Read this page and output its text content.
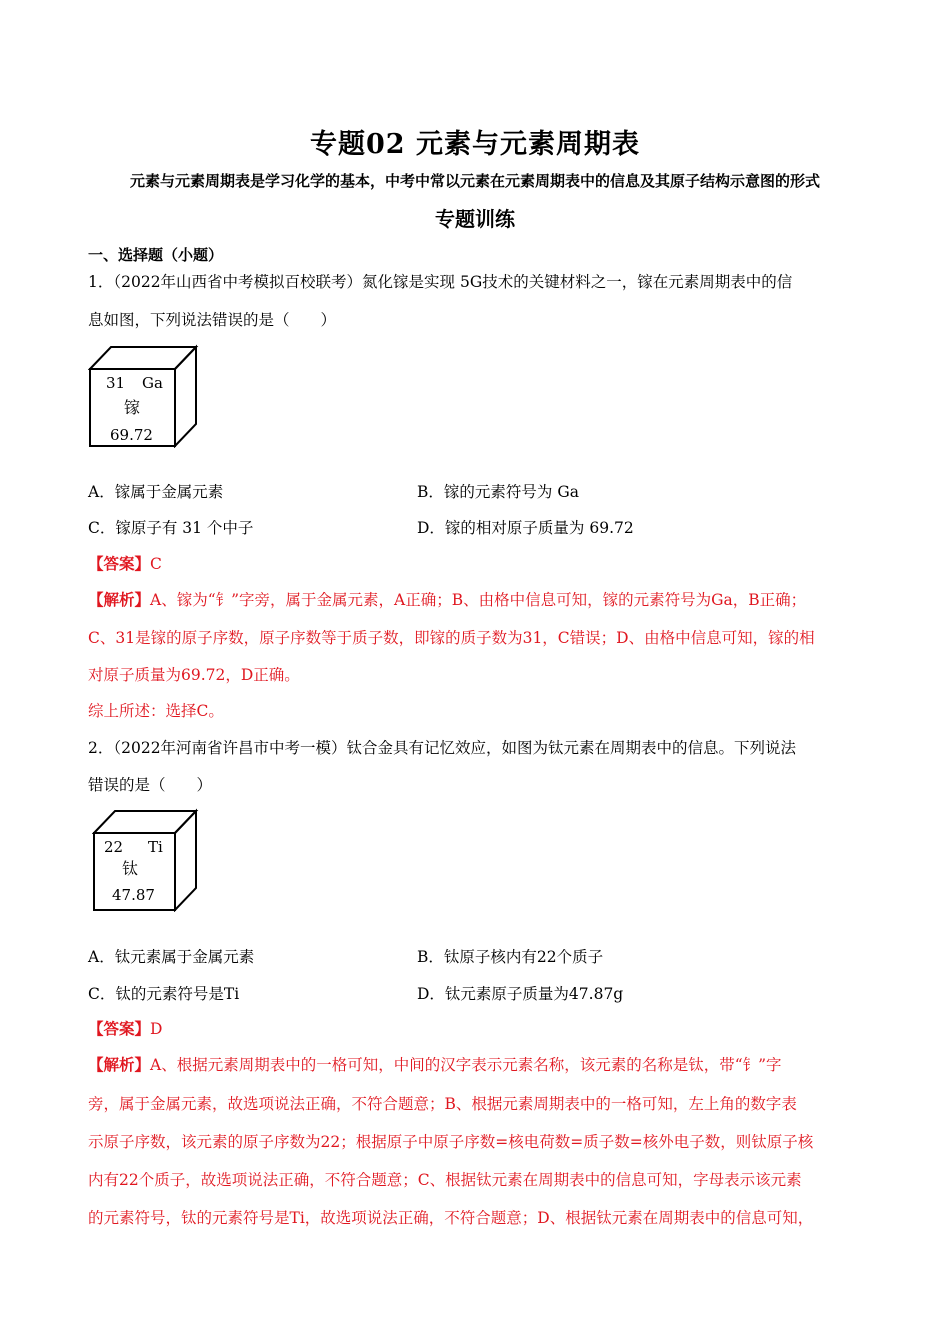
专题02 元素与元素周期表
元素与元素周期表是学习化学的基本，中考中常以元素在元素周期表中的信息及其原子结构示意图的形式
专题训练
一、选择题（小题）
1．（2022年山西省中考模拟百校联考）氮化镓是实现 5G技术的关键材料之一，镓在元素周期表中的信
息如图，下列说法错误的是（　　）
31 Ga
镓
69.72
A．镓属于金属元素	B．镓的元素符号为 Ga
C．镓原子有 31 个中子	D．镓的相对原子质量为 69.72
【答案】C
【解析】A、镓为“钅”字旁，属于金属元素，A正确；B、由格中信息可知，镓的元素符号为Ga，B正确；
C、31是镓的原子序数，原子序数等于质子数，即镓的质子数为31，C错误；D、由格中信息可知，镓的相
对原子质量为69.72，D正确。
综上所述：选择C。
2．（2022年河南省许昌市中考一模）钛合金具有记忆效应，如图为钛元素在周期表中的信息。下列说法
错误的是（　　）
22 Ti
钛
47.87
A．钛元素属于金属元素	B．钛原子核内有22个质子
C．钛的元素符号是Ti	D．钛元素原子质量为47.87g
【答案】D
【解析】A、根据元素周期表中的一格可知，中间的汉字表示元素名称，该元素的名称是钛，带“钅”字
旁，属于金属元素，故选项说法正确，不符合题意；B、根据元素周期表中的一格可知，左上角的数字表
示原子序数，该元素的原子序数为22；根据原子中原子序数=核电荷数=质子数=核外电子数，则钛原子核
内有22个质子，故选项说法正确，不符合题意；C、根据钛元素在周期表中的信息可知，字母表示该元素
的元素符号，钛的元素符号是Ti，故选项说法正确，不符合题意；D、根据钛元素在周期表中的信息可知，
